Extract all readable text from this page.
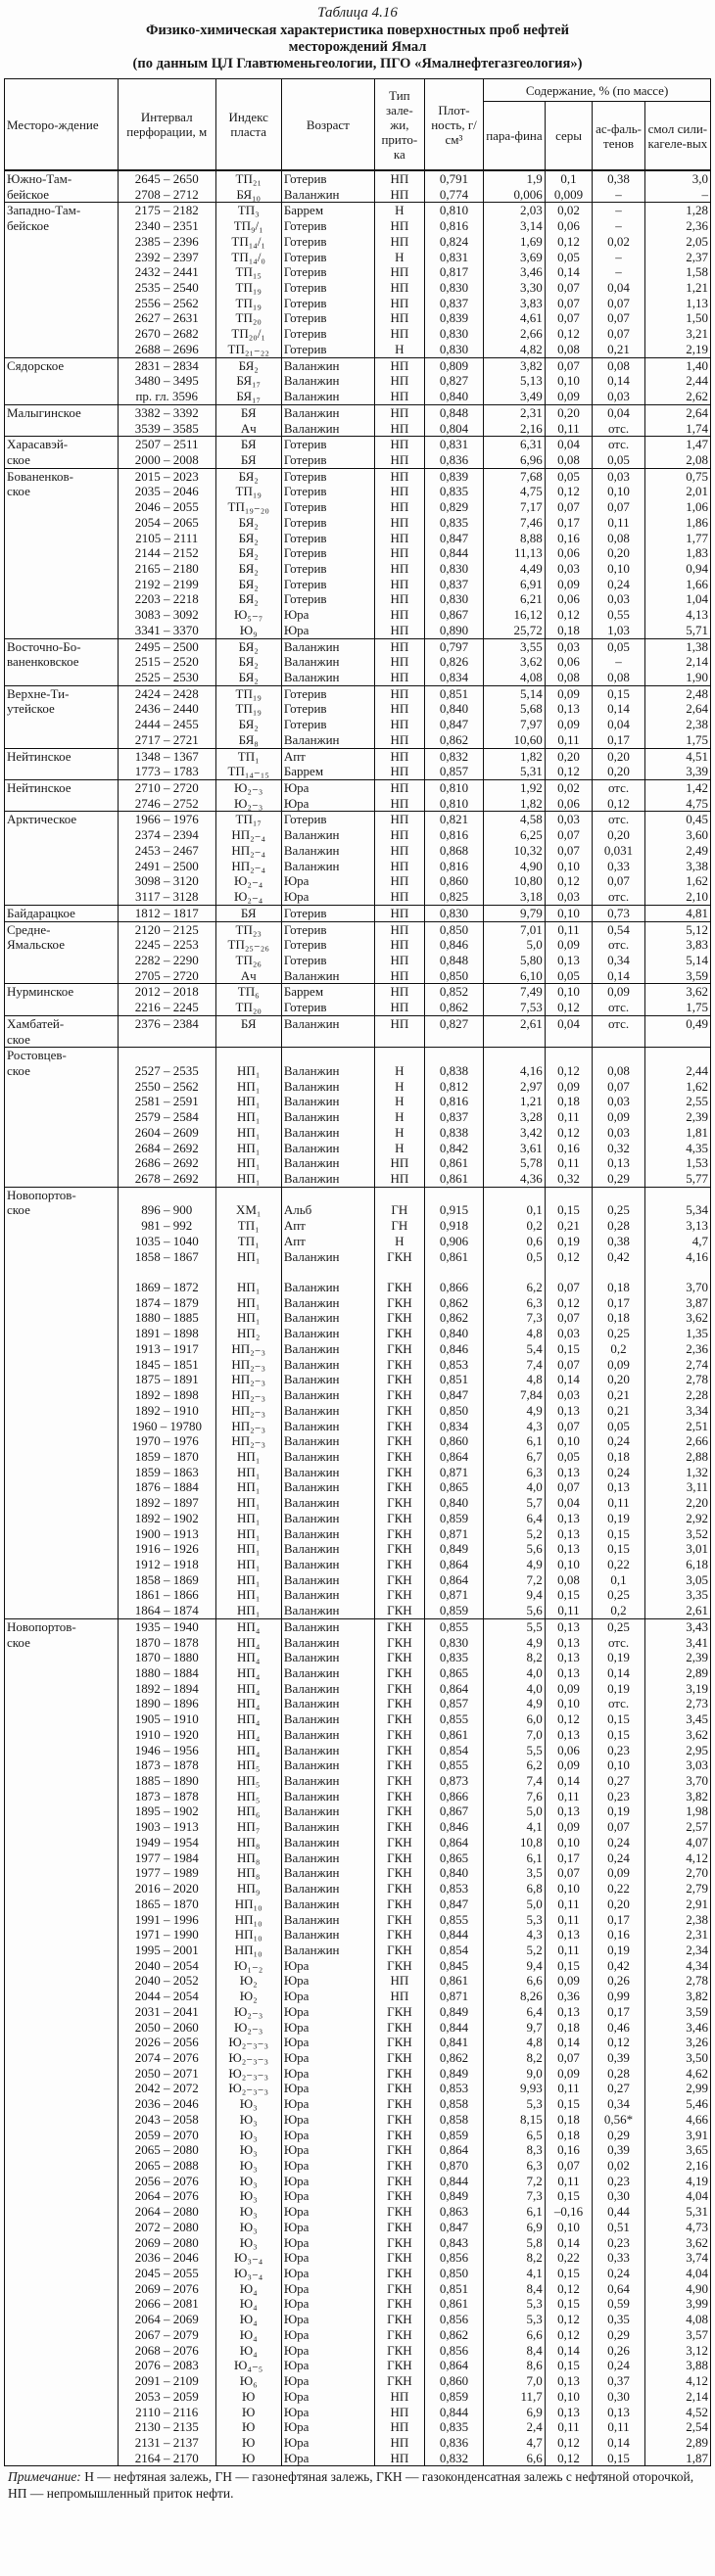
Таблица 4.16
Физико-химическая характеристика поверхностных проб нефтей
месторождений Ямал
(по данным ЦЛ Главтюменьгеологии, ПГО «Ямалнефтегазгеология»)
Месторо-ждение	Интервал перфорации, м	Индекс пласта	Возраст	Тип зале-жи, прито-ка	Плот-ность, г/см³	Содержание, % (по массе)			
						пара-фина	серы	ас-фаль-тенов	смол сили-кагеле-вых
Южно-Там-	2645 – 2650	ТП₂₁	Готерив	НП	0,791	1,9	0,1	0,38	3,0
бейское	2708 – 2712	БЯ₁₀	Валанжин	НП	0,774	0,006	0,009	–	–
Западно-Там-	2175 – 2182	ТП₃	Баррем	Н	0,810	2,03	0,02	–	1,28
бейское	2340 – 2351	ТП₉/₁	Готерив	НП	0,816	3,14	0,06	–	2,36
	2385 – 2396	ТП₁₄/₁	Готерив	НП	0,824	1,69	0,12	0,02	2,05
	2392 – 2397	ТП₁₄/₀	Готерив	Н	0,831	3,69	0,05	–	2,37
	2432 – 2441	ТП₁₅	Готерив	НП	0,817	3,46	0,14	–	1,58
	2535 – 2540	ТП₁₉	Готерив	НП	0,830	3,30	0,07	0,04	1,21
	2556 – 2562	ТП₁₉	Готерив	НП	0,837	3,83	0,07	0,07	1,13
	2627 – 2631	ТП₂₀	Готерив	НП	0,839	4,61	0,07	0,07	1,50
	2670 – 2682	ТП₂₀/₁	Готерив	НП	0,830	2,66	0,12	0,07	3,21
	2688 – 2696	ТП₂₁₋₂₂	Готерив	Н	0,830	4,82	0,08	0,21	2,19
Сядорское	2831 – 2834	БЯ₂	Валанжин	НП	0,809	3,82	0,07	0,08	1,40
	3480 – 3495	БЯ₁₇	Валанжин	НП	0,827	5,13	0,10	0,14	2,44
	пр. гл. 3596	БЯ₁₇	Валанжин	НП	0,840	3,49	0,09	0,03	2,62
Малыгинское	3382 – 3392	БЯ	Валанжин	НП	0,848	2,31	0,20	0,04	2,64
	3539 – 3585	Ач	Валанжин	НП	0,804	2,16	0,11	отс.	1,74
Харасавэй-	2507 – 2511	БЯ	Готерив	НП	0,831	6,31	0,04	отс.	1,47
ское	2000 – 2008	БЯ	Готерив	НП	0,836	6,96	0,08	0,05	2,08
Бованенков-	2015 – 2023	БЯ₂	Готерив	НП	0,839	7,68	0,05	0,03	0,75
ское	2035 – 2046	ТП₁₉	Готерив	НП	0,835	4,75	0,12	0,10	2,01
	2046 – 2055	ТП₁₉₋₂₀	Готерив	НП	0,829	7,17	0,07	0,07	1,06
	2054 – 2065	БЯ₂	Готерив	НП	0,835	7,46	0,17	0,11	1,86
	2105 – 2111	БЯ₂	Готерив	НП	0,847	8,88	0,16	0,08	1,77
	2144 – 2152	БЯ₂	Готерив	НП	0,844	11,13	0,06	0,20	1,83
	2165 – 2180	БЯ₂	Готерив	НП	0,830	4,49	0,03	0,10	0,94
	2192 – 2199	БЯ₂	Готерив	НП	0,837	6,91	0,09	0,24	1,66
	2203 – 2218	БЯ₂	Готерив	НП	0,830	6,21	0,06	0,03	1,04
	3083 – 3092	Ю₅₋₇	Юра	НП	0,867	16,12	0,12	0,55	4,13
	3341 – 3370	Ю₉	Юра	НП	0,890	25,72	0,18	1,03	5,71
Восточно-Бо-	2495 – 2500	БЯ₂	Валанжин	НП	0,797	3,55	0,03	0,05	1,38
ваненковское	2515 – 2520	БЯ₂	Валанжин	НП	0,826	3,62	0,06	–	2,14
	2525 – 2530	БЯ₂	Валанжин	НП	0,834	4,08	0,08	0,08	1,90
Верхне-Ти-	2424 – 2428	ТП₁₉	Готерив	НП	0,851	5,14	0,09	0,15	2,48
утейское	2436 – 2440	ТП₁₉	Готерив	НП	0,840	5,68	0,13	0,14	2,64
	2444 – 2455	БЯ₂	Готерив	НП	0,847	7,97	0,09	0,04	2,38
	2717 – 2721	БЯ₈	Валанжин	НП	0,862	10,60	0,11	0,17	1,75
Нейтинское	1348 – 1367	ТП₁	Апт	НП	0,832	1,82	0,20	0,20	4,51
	1773 – 1783	ТП₁₄₋₁₅	Баррем	НП	0,857	5,31	0,12	0,20	3,39
Нейтинское	2710 – 2720	Ю₂₋₃	Юра	НП	0,810	1,92	0,02	отс.	1,42
	2746 – 2752	Ю₂₋₃	Юра	НП	0,810	1,82	0,06	0,12	4,75
Арктическое	1966 – 1976	ТП₁₇	Готерив	НП	0,821	4,58	0,03	отс.	0,45
	2374 – 2394	НП₂₋₄	Валанжин	НП	0,816	6,25	0,07	0,20	3,60
	2453 – 2467	НП₂₋₄	Валанжин	НП	0,868	10,32	0,07	0,031	2,49
	2491 – 2500	НП₂₋₄	Валанжин	НП	0,816	4,90	0,10	0,33	3,38
	3098 – 3120	Ю₂₋₄	Юра	НП	0,860	10,80	0,12	0,07	1,62
	3117 – 3128	Ю₂₋₄	Юра	НП	0,825	3,18	0,03	отс.	2,10
Байдарацкое	1812 – 1817	БЯ	Готерив	НП	0,830	9,79	0,10	0,73	4,81
Средне-	2120 – 2125	ТП₂₃	Готерив	НП	0,850	7,01	0,11	0,54	5,12
Ямальское	2245 – 2253	ТП₂₅₋₂₆	Готерив	НП	0,846	5,0	0,09	отс.	3,83
	2282 – 2290	ТП₂₆	Готерив	НП	0,848	5,80	0,13	0,34	5,14
	2705 – 2720	Ач	Валанжин	НП	0,850	6,10	0,05	0,14	3,59
Нурминское	2012 – 2018	ТП₆	Баррем	НП	0,852	7,49	0,10	0,09	3,62
	2216 – 2245	ТП₂₀	Готерив	НП	0,862	7,53	0,12	отс.	1,75
Хамбатей-	2376 – 2384	БЯ	Валанжин	НП	0,827	2,61	0,04	отс.	0,49
ское									
Ростовцев-									
ское	2527 – 2535	НП₁	Валанжин	Н	0,838	4,16	0,12	0,08	2,44
	2550 – 2562	НП₁	Валанжин	Н	0,812	2,97	0,09	0,07	1,62
	2581 – 2591	НП₁	Валанжин	Н	0,816	1,21	0,18	0,03	2,55
	2579 – 2584	НП₁	Валанжин	Н	0,837	3,28	0,11	0,09	2,39
	2604 – 2609	НП₁	Валанжин	Н	0,838	3,42	0,12	0,03	1,81
	2684 – 2692	НП₁	Валанжин	Н	0,842	3,61	0,16	0,32	4,35
	2686 – 2692	НП₁	Валанжин	НП	0,861	5,78	0,11	0,13	1,53
	2678 – 2692	НП₁	Валанжин	НП	0,861	4,36	0,32	0,29	5,77
Новопортов-									
ское	896 – 900	ХМ₁	Альб	ГН	0,915	0,1	0,15	0,25	5,34
	981 – 992	ТП₁	Апт	ГН	0,918	0,2	0,21	0,28	3,13
	1035 – 1040	ТП₁	Апт	Н	0,906	0,6	0,19	0,38	4,7
	1858 – 1867	НП₁	Валанжин	ГКН	0,861	0,5	0,12	0,42	4,16

	1869 – 1872	НП₁	Валанжин	ГКН	0,866	6,2	0,07	0,18	3,70
	1874 – 1879	НП₁	Валанжин	ГКН	0,862	6,3	0,12	0,17	3,87
	1880 – 1885	НП₁	Валанжин	ГКН	0,862	7,3	0,07	0,18	3,62
	1891 – 1898	НП₂	Валанжин	ГКН	0,840	4,8	0,03	0,25	1,35
	1913 – 1917	НП₂₋₃	Валанжин	ГКН	0,846	5,4	0,15	0,2	2,36
	1845 – 1851	НП₂₋₃	Валанжин	ГКН	0,853	7,4	0,07	0,09	2,74
	1875 – 1891	НП₂₋₃	Валанжин	ГКН	0,851	4,8	0,14	0,20	2,78
	1892 – 1898	НП₂₋₃	Валанжин	ГКН	0,847	7,84	0,03	0,21	2,28
	1892 – 1910	НП₂₋₃	Валанжин	ГКН	0,850	4,9	0,13	0,21	3,34
	1960 – 19780	НП₂₋₃	Валанжин	ГКН	0,834	4,3	0,07	0,05	2,51
	1970 – 1976	НП₂₋₃	Валанжин	ГКН	0,860	6,1	0,10	0,24	2,66
	1859 – 1870	НП₁	Валанжин	ГКН	0,864	6,7	0,05	0,18	2,88
	1859 – 1863	НП₁	Валанжин	ГКН	0,871	6,3	0,13	0,24	1,32
	1876 – 1884	НП₁	Валанжин	ГКН	0,865	4,0	0,07	0,13	3,11
	1892 – 1897	НП₁	Валанжин	ГКН	0,840	5,7	0,04	0,11	2,20
	1892 – 1902	НП₁	Валанжин	ГКН	0,859	6,4	0,13	0,19	2,92
	1900 – 1913	НП₁	Валанжин	ГКН	0,871	5,2	0,13	0,15	3,52
	1916 – 1926	НП₁	Валанжин	ГКН	0,849	5,6	0,13	0,15	3,01
	1912 – 1918	НП₁	Валанжин	ГКН	0,864	4,9	0,10	0,22	6,18
	1858 – 1869	НП₁	Валанжин	ГКН	0,864	7,2	0,08	0,1	3,05
	1861 – 1866	НП₁	Валанжин	ГКН	0,871	9,4	0,15	0,25	3,35
	1864 – 1874	НП₁	Валанжин	ГКН	0,859	5,6	0,11	0,2	2,61
Новопортов-	1935 – 1940	НП₄	Валанжин	ГКН	0,855	5,5	0,13	0,25	3,43
ское	1870 – 1878	НП₄	Валанжин	ГКН	0,830	4,9	0,13	отс.	3,41
	1870 – 1880	НП₄	Валанжин	ГКН	0,835	8,2	0,13	0,19	2,39
	1880 – 1884	НП₄	Валанжин	ГКН	0,865	4,0	0,13	0,14	2,89
	1892 – 1894	НП₄	Валанжин	ГКН	0,864	4,0	0,09	0,19	3,19
	1890 – 1896	НП₄	Валанжин	ГКН	0,857	4,9	0,10	отс.	2,73
	1905 – 1910	НП₄	Валанжин	ГКН	0,855	6,0	0,12	0,15	3,45
	1910 – 1920	НП₄	Валанжин	ГКН	0,861	7,0	0,13	0,15	3,62
	1946 – 1956	НП₄	Валанжин	ГКН	0,854	5,5	0,06	0,23	2,95
	1873 – 1878	НП₅	Валанжин	ГКН	0,855	6,2	0,09	0,10	3,03
	1885 – 1890	НП₅	Валанжин	ГКН	0,873	7,4	0,14	0,27	3,70
	1873 – 1878	НП₅	Валанжин	ГКН	0,866	7,6	0,11	0,23	3,82
	1895 – 1902	НП₆	Валанжин	ГКН	0,867	5,0	0,13	0,19	1,98
	1903 – 1913	НП₇	Валанжин	ГКН	0,846	4,1	0,09	0,07	2,57
	1949 – 1954	НП₈	Валанжин	ГКН	0,864	10,8	0,10	0,24	4,07
	1977 – 1984	НП₈	Валанжин	ГКН	0,865	6,1	0,17	0,24	4,12
	1977 – 1989	НП₈	Валанжин	ГКН	0,840	3,5	0,07	0,09	2,70
	2016 – 2020	НП₉	Валанжин	ГКН	0,853	6,8	0,10	0,22	2,79
	1865 – 1870	НП₁₀	Валанжин	ГКН	0,847	5,0	0,11	0,20	2,91
	1991 – 1996	НП₁₀	Валанжин	ГКН	0,855	5,3	0,11	0,17	2,38
	1971 – 1990	НП₁₀	Валанжин	ГКН	0,844	4,3	0,13	0,16	2,31
	1995 – 2001	НП₁₀	Валанжин	ГКН	0,854	5,2	0,11	0,19	2,34
	2040 – 2054	Ю₁₋₂	Юра	ГКН	0,845	9,4	0,15	0,42	4,34
	2040 – 2052	Ю₂	Юра	НП	0,861	6,6	0,09	0,26	2,78
	2044 – 2054	Ю₂	Юра	НП	0,871	8,26	0,36	0,99	3,82
	2031 – 2041	Ю₂₋₃	Юра	ГКН	0,849	6,4	0,13	0,17	3,59
	2050 – 2060	Ю₂₋₃	Юра	ГКН	0,844	9,7	0,18	0,46	3,46
	2026 – 2056	Ю₂₋₃₋₃	Юра	ГКН	0,841	4,8	0,14	0,12	3,26
	2074 – 2076	Ю₂₋₃₋₃	Юра	ГКН	0,862	8,2	0,07	0,39	3,50
	2050 – 2071	Ю₂₋₃₋₃	Юра	ГКН	0,849	9,0	0,09	0,28	4,62
	2042 – 2072	Ю₂₋₃₋₃	Юра	ГКН	0,853	9,93	0,11	0,27	2,99
	2036 – 2046	Ю₃	Юра	ГКН	0,858	5,3	0,15	0,34	5,46
	2043 – 2058	Ю₃	Юра	ГКН	0,858	8,15	0,18	0,56*	4,66
	2059 – 2070	Ю₃	Юра	ГКН	0,859	6,5	0,18	0,29	3,91
	2065 – 2080	Ю₃	Юра	ГКН	0,864	8,3	0,16	0,39	3,65
	2065 – 2088	Ю₃	Юра	ГКН	0,870	6,3	0,07	0,02	2,16
	2056 – 2076	Ю₃	Юра	ГКН	0,844	7,2	0,11	0,23	4,19
	2064 – 2076	Ю₃	Юра	ГКН	0,849	7,3	0,15	0,30	4,04
	2064 – 2080	Ю₃	Юра	ГКН	0,863	6,1	–0,16	0,44	5,31
	2072 – 2080	Ю₃	Юра	ГКН	0,847	6,9	0,10	0,51	4,73
	2069 – 2080	Ю₃	Юра	ГКН	0,843	5,8	0,14	0,23	3,62
	2036 – 2046	Ю₃₋₄	Юра	ГКН	0,856	8,2	0,22	0,33	3,74
	2045 – 2055	Ю₃₋₄	Юра	ГКН	0,850	4,1	0,15	0,24	4,04
	2069 – 2076	Ю₄	Юра	ГКН	0,851	8,4	0,12	0,64	4,90
	2066 – 2081	Ю₄	Юра	ГКН	0,861	5,3	0,15	0,59	3,99
	2064 – 2069	Ю₄	Юра	ГКН	0,856	5,3	0,12	0,35	4,08
	2067 – 2079	Ю₄	Юра	ГКН	0,862	6,6	0,12	0,29	3,57
	2068 – 2076	Ю₄	Юра	ГКН	0,856	8,4	0,14	0,26	3,12
	2076 – 2083	Ю₄₋₅	Юра	ГКН	0,864	8,6	0,15	0,24	3,88
	2091 – 2109	Ю₆	Юра	ГКН	0,860	7,0	0,13	0,37	4,12
	2053 – 2059	Ю	Юра	НП	0,859	11,7	0,10	0,30	2,14
	2110 – 2116	Ю	Юра	НП	0,844	6,9	0,13	0,13	4,52
	2130 – 2135	Ю	Юра	НП	0,835	2,4	0,11	0,11	2,54
	2131 – 2137	Ю	Юра	НП	0,836	4,7	0,12	0,14	2,89
	2164 – 2170	Ю	Юра	НП	0,832	6,6	0,12	0,15	1,87
Примечание: Н — нефтяная залежь, ГН — газонефтяная залежь, ГКН — газоконденсатная залежь с нефтяной оторочкой, НП — непромышленный приток нефти.
